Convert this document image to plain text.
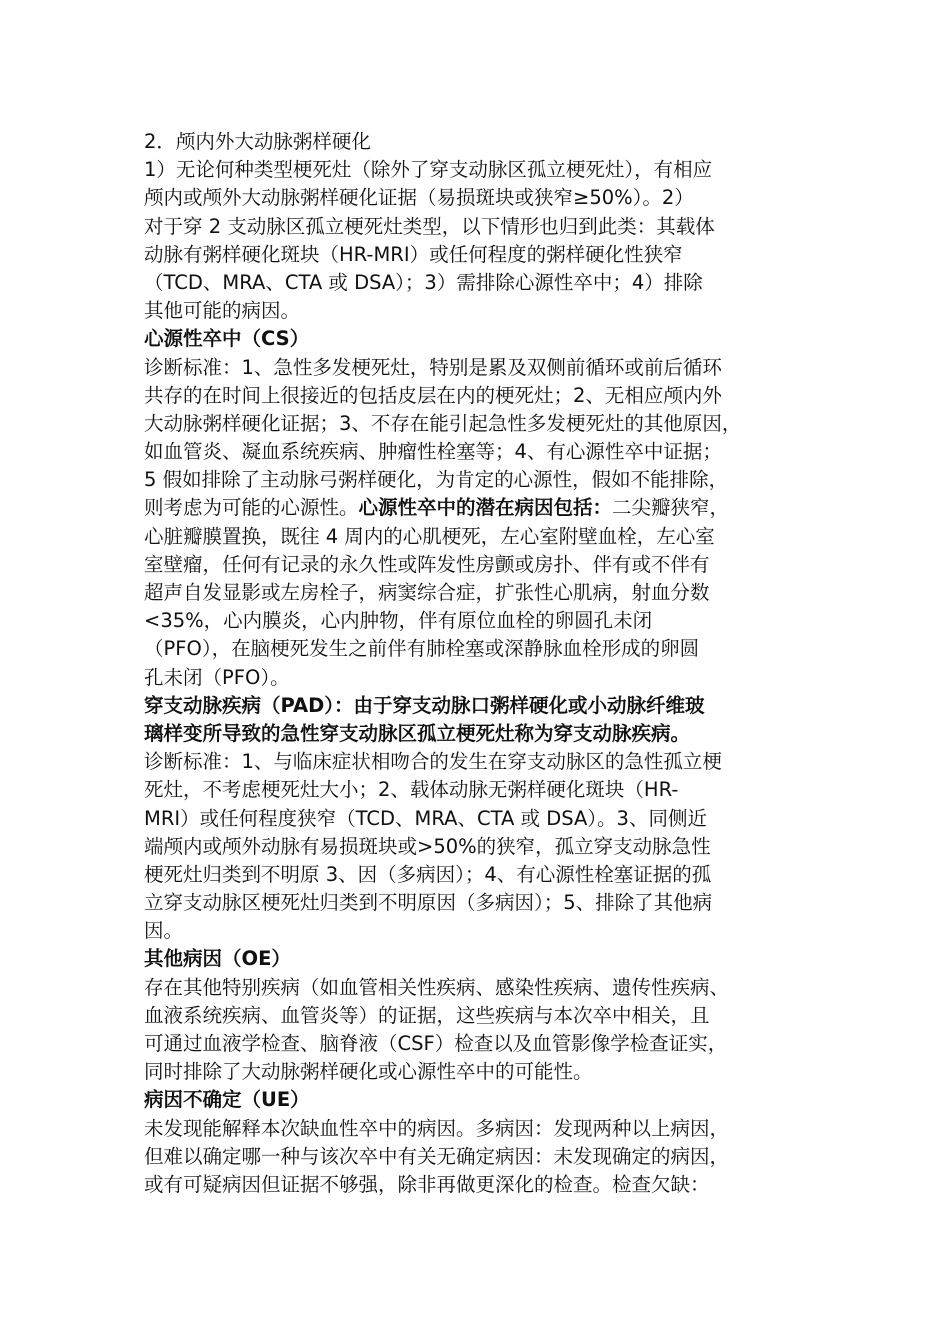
2．颅内外大动脉粥样硬化
1）无论何种类型梗死灶（除外了穿支动脉区孤立梗死灶），有相应
颅内或颅外大动脉粥样硬化证据（易损斑块或狭窄≥50%）。2）
对于穿 2 支动脉区孤立梗死灶类型，以下情形也归到此类：其载体
动脉有粥样硬化斑块（HR-MRI）或任何程度的粥样硬化性狭窄
（TCD、MRA、CTA 或 DSA）；3）需排除心源性卒中；4）排除
其他可能的病因。
心源性卒中（CS）
诊断标准：1、急性多发梗死灶，特别是累及双侧前循环或前后循环
共存的在时间上很接近的包括皮层在内的梗死灶；2、无相应颅内外
大动脉粥样硬化证据；3、不存在能引起急性多发梗死灶的其他原因，
如血管炎、凝血系统疾病、肿瘤性栓塞等；4、有心源性卒中证据；
5 假如排除了主动脉弓粥样硬化，为肯定的心源性，假如不能排除，
则考虑为可能的心源性。心源性卒中的潜在病因包括：二尖瓣狭窄，
心脏瓣膜置换，既往 4 周内的心肌梗死，左心室附壁血栓，左心室
室壁瘤，任何有记录的永久性或阵发性房颤或房扑、伴有或不伴有
超声自发显影或左房栓子，病窦综合症，扩张性心肌病，射血分数
<35%，心内膜炎，心内肿物，伴有原位血栓的卵圆孔未闭
（PFO），在脑梗死发生之前伴有肺栓塞或深静脉血栓形成的卵圆
孔未闭（PFO）。
穿支动脉疾病（PAD）：由于穿支动脉口粥样硬化或小动脉纤维玻
璃样变所导致的急性穿支动脉区孤立梗死灶称为穿支动脉疾病。
诊断标准：1、与临床症状相吻合的发生在穿支动脉区的急性孤立梗
死灶，不考虑梗死灶大小；2、载体动脉无粥样硬化斑块（HR-
MRI）或任何程度狭窄（TCD、MRA、CTA 或 DSA）。3、同侧近
端颅内或颅外动脉有易损斑块或>50%的狭窄，孤立穿支动脉急性
梗死灶归类到不明原 3、因（多病因）；4、有心源性栓塞证据的孤
立穿支动脉区梗死灶归类到不明原因（多病因）；5、排除了其他病
因。
其他病因（OE）
存在其他特别疾病（如血管相关性疾病、感染性疾病、遗传性疾病、
血液系统疾病、血管炎等）的证据，这些疾病与本次卒中相关，且
可通过血液学检查、脑脊液（CSF）检查以及血管影像学检查证实，
同时排除了大动脉粥样硬化或心源性卒中的可能性。
病因不确定（UE）
未发现能解释本次缺血性卒中的病因。多病因：发现两种以上病因，
但难以确定哪一种与该次卒中有关无确定病因：未发现确定的病因，
或有可疑病因但证据不够强，除非再做更深化的检查。检查欠缺：
